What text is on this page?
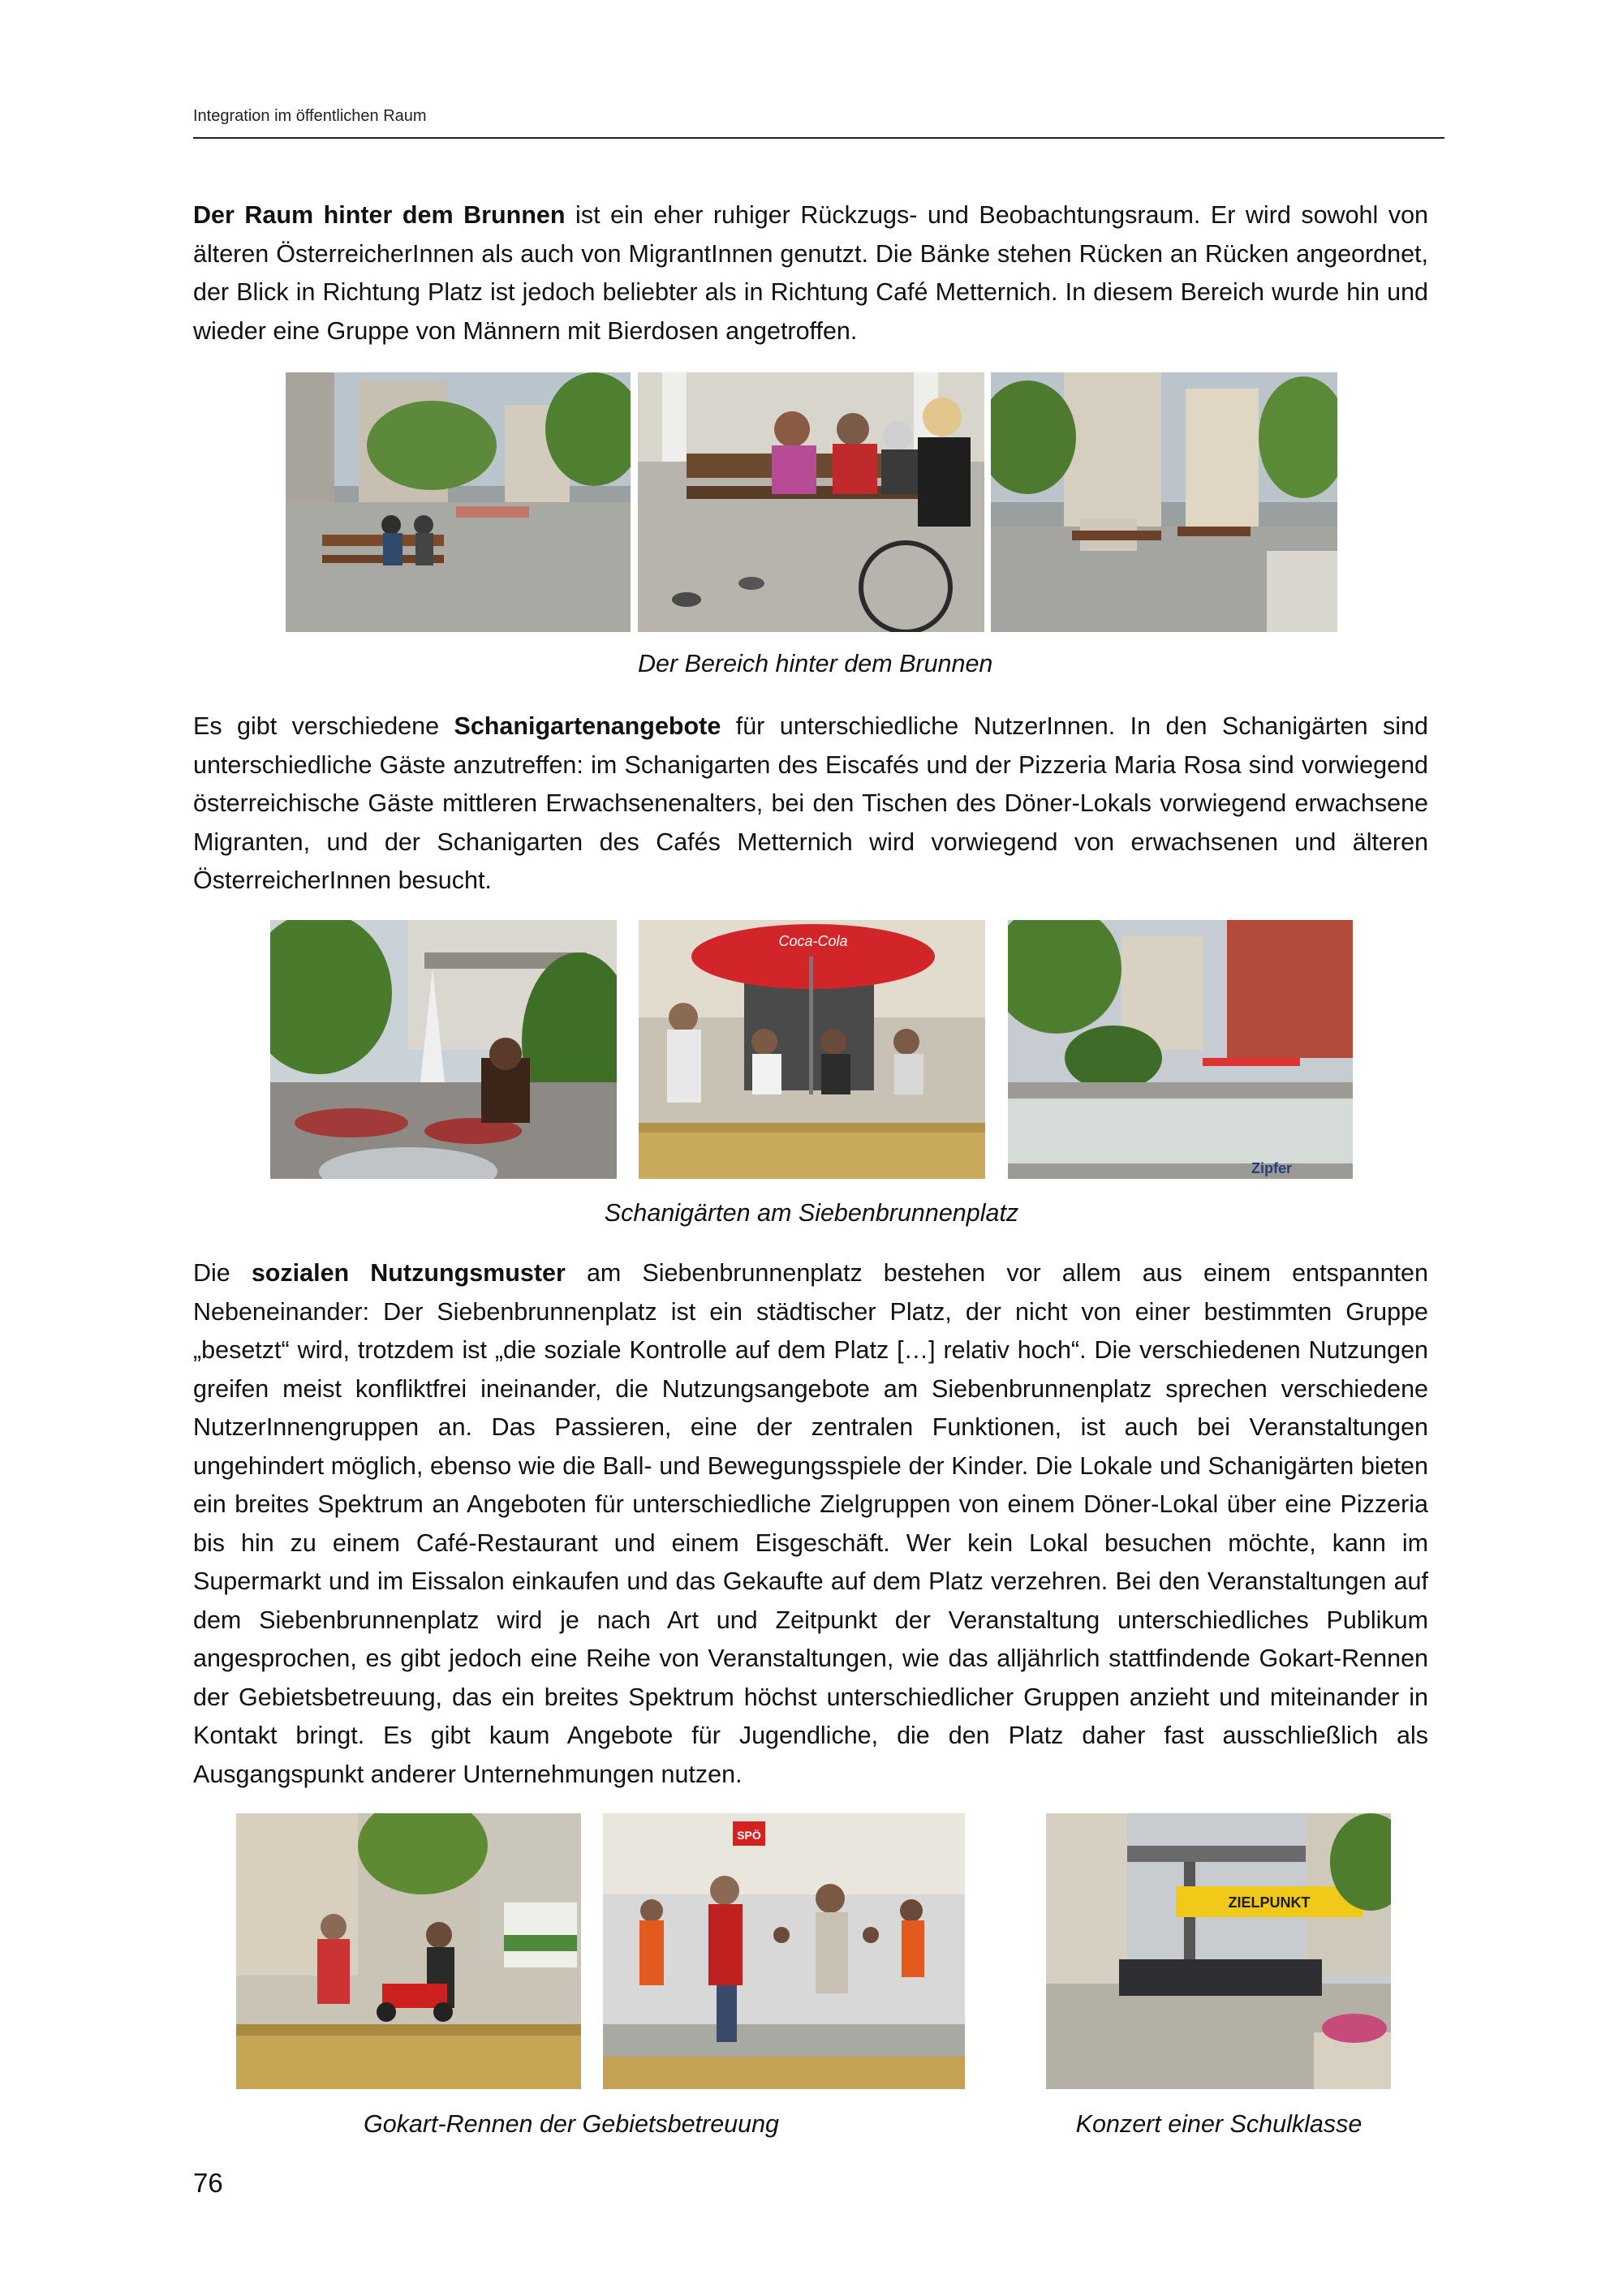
Integration im öffentlichen Raum

Der Raum hinter dem Brunnen ist ein eher ruhiger Rückzugs- und Beobachtungsraum. Er wird sowohl von älteren ÖsterreicherInnen als auch von MigrantInnen genutzt. Die Bänke stehen Rücken an Rücken angeordnet, der Blick in Richtung Platz ist jedoch beliebter als in Richtung Café Metternich. In diesem Bereich wurde hin und wieder eine Gruppe von Männern mit Bierdosen angetroffen.

Der Bereich hinter dem Brunnen

Es gibt verschiedene Schanigartenangebote für unterschiedliche NutzerInnen. In den Schanigärten sind unterschiedliche Gäste anzutreffen: im Schanigarten des Eiscafés und der Pizzeria Maria Rosa sind vorwiegend österreichische Gäste mittleren Erwachsenenalters, bei den Tischen des Döner-Lokals vorwiegend erwachsene Migranten, und der Schanigarten des Cafés Metternich wird vorwiegend von erwachsenen und älteren ÖsterreicherInnen besucht.

Coca-Cola
Zipfer
Schanigärten am Siebenbrunnenplatz

Die sozialen Nutzungsmuster am Siebenbrunnenplatz bestehen vor allem aus einem entspannten Nebeneinander: Der Siebenbrunnenplatz ist ein städtischer Platz, der nicht von einer bestimmten Gruppe „besetzt“ wird, trotzdem ist „die soziale Kontrolle auf dem Platz […] relativ hoch“. Die verschiedenen Nutzungen greifen meist konfliktfrei ineinander, die Nutzungsangebote am Siebenbrunnenplatz sprechen verschiedene NutzerInnengruppen an. Das Passieren, eine der zentralen Funktionen, ist auch bei Veranstaltungen ungehindert möglich, ebenso wie die Ball- und Bewegungsspiele der Kinder. Die Lokale und Schanigärten bieten ein breites Spektrum an Angeboten für unterschiedliche Zielgruppen von einem Döner-Lokal über eine Pizzeria bis hin zu einem Café-Restaurant und einem Eisgeschäft. Wer kein Lokal besuchen möchte, kann im Supermarkt und im Eissalon einkaufen und das Gekaufte auf dem Platz verzehren. Bei den Veranstaltungen auf dem Siebenbrunnenplatz wird je nach Art und Zeitpunkt der Veranstaltung unterschiedliches Publikum angesprochen, es gibt jedoch eine Reihe von Veranstaltungen, wie das alljährlich stattfindende Gokart-Rennen der Gebietsbetreuung, das ein breites Spektrum höchst unterschiedlicher Gruppen anzieht und miteinander in Kontakt bringt. Es gibt kaum Angebote für Jugendliche, die den Platz daher fast ausschließlich als Ausgangspunkt anderer Unternehmungen nutzen.

SPÖ
ZIELPUNKT
Gokart-Rennen der Gebietsbetreuung	Konzert einer Schulklasse
76
